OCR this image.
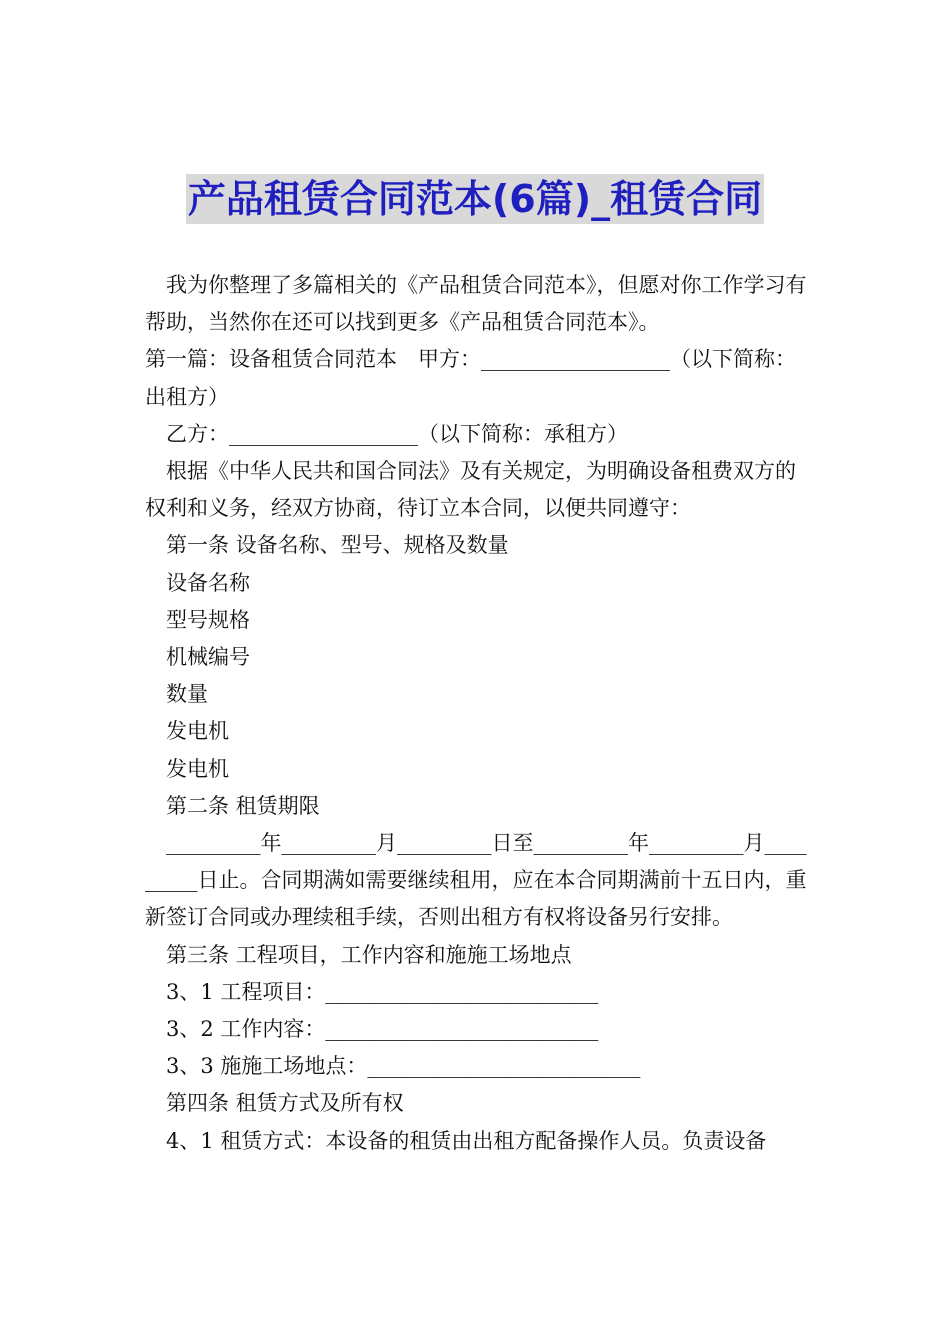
产品租赁合同范本(6篇)_租赁合同

我为你整理了多篇相关的《产品租赁合同范本》，但愿对你工作学习有帮助，当然你在还可以找到更多《产品租赁合同范本》。

第一篇：设备租赁合同范本　甲方：__________________（以下简称：出租方）

乙方：__________________（以下简称：承租方）

根据《中华人民共和国合同法》及有关规定，为明确设备租费双方的权利和义务，经双方协商，待订立本合同，以便共同遵守：

第一条 设备名称、型号、规格及数量

设备名称

型号规格

机械编号

数量

发电机

发电机

第二条 租赁期限

_________年_________月_________日至_________年_________月_________日止。合同期满如需要继续租用，应在本合同期满前十五日内，重新签订合同或办理续租手续，否则出租方有权将设备另行安排。

第三条 工程项目，工作内容和施施工场地点

3、1 工程项目：__________________________

3、2 工作内容：__________________________

3、3 施施工场地点：__________________________

第四条 租赁方式及所有权

4、1 租赁方式：本设备的租赁由出租方配备操作人员。负责设备
